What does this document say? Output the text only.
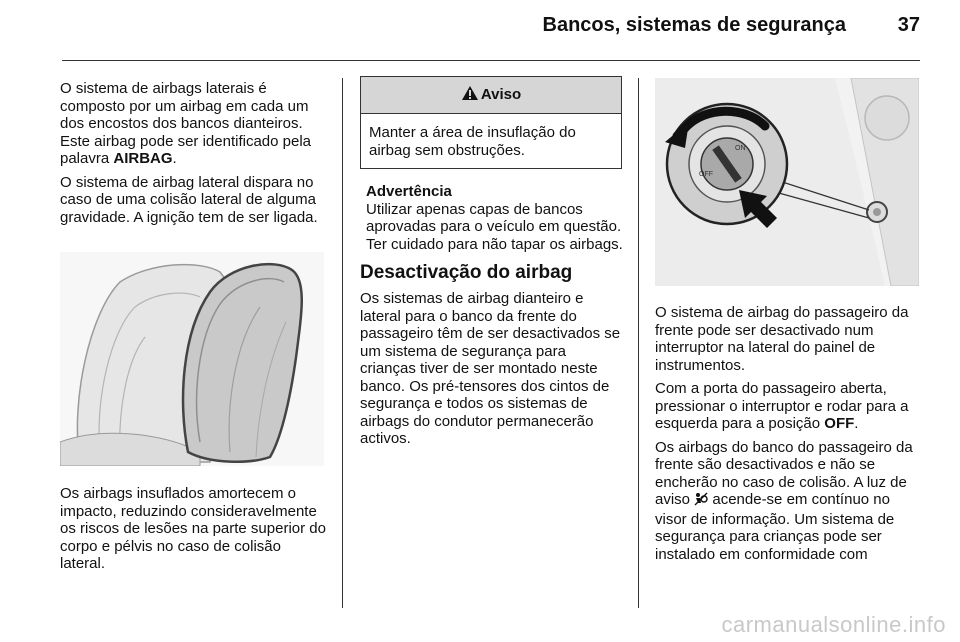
Bancos, sistemas de segurança	37

O sistema de airbags laterais é composto por um airbag em cada um dos encostos dos bancos dianteiros. Este airbag pode ser identificado pela palavra AIRBAG.

O sistema de airbag lateral dispara no caso de uma colisão lateral de alguma gravidade. A ignição tem de ser ligada.

Os airbags insuflados amortecem o impacto, reduzindo consideravelmente os riscos de lesões na parte superior do corpo e pélvis no caso de colisão lateral.
Aviso
Manter a área de insuflação do airbag sem obstruções.
Advertência
Utilizar apenas capas de bancos aprovadas para o veículo em questão. Ter cuidado para não tapar os airbags.
Desactivação do airbag
Os sistemas de airbag dianteiro e lateral para o banco da frente do passageiro têm de ser desactivados se um sistema de segurança para crianças tiver de ser montado neste banco. Os pré-tensores dos cintos de segurança e todos os sistemas de airbags do condutor permanecerão activos.
ON
OFF

O sistema de airbag do passageiro da frente pode ser desactivado num interruptor na lateral do painel de instrumentos.

Com a porta do passageiro aberta, pressionar o interruptor e rodar para a esquerda para a posição OFF.

Os airbags do banco do passageiro da frente são desactivados e não se encherão no caso de colisão. A luz de aviso  acende-se em contínuo no visor de informação. Um sistema de segurança para crianças pode ser instalado em conformidade com

carmanualsonline.info
